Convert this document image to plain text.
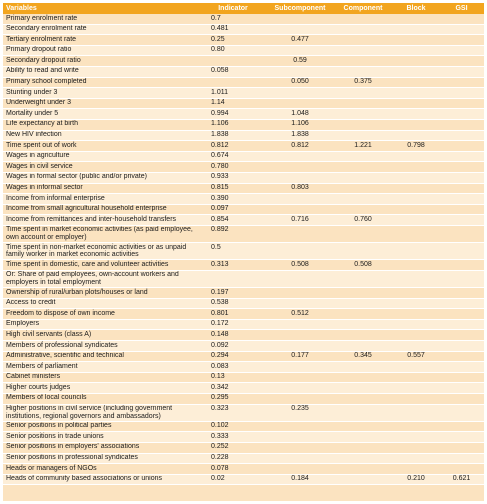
Variables	Indicator	Subcomponent	Component	Block	GSI
Primary enrolment rate	0.7				
Secondary enrolment rate	0.481				
Tertiary enrolment rate	0.25	0.477			
Primary dropout ratio	0.80				
Secondary dropout ratio		0.59			
Ability to read and write	0.058				
Primary school completed		0.050	0.375		
Stunting under 3	1.011				
Underweight under 3	1.14				
Mortality under 5	0.994	1.048			
Life expectancy at birth	1.106	1.106			
New HIV infection	1.838	1.838			
Time spent out of work	0.812	0.812	1.221	0.798	
Wages in agriculture	0.674				
Wages in civil service	0.780				
Wages in formal sector (public and/or private)	0.933				
Wages in informal sector	0.815	0.803			
Income from informal enterprise	0.390				
Income from small agricultural household enterprise	0.097				
Income from remittances and inter-household transfers	0.854	0.716	0.760		
Time spent in market economic activities (as paid employee, own account or employer)	0.892				
Time spent in non-market economic activities or as unpaid family worker in market economic activities	0.5				
Time spent in domestic, care and volunteer activities	0.313	0.508	0.508		
Or: Share of paid employees, own-account workers and employers in total employment					
Ownership of rural/urban plots/houses or land	0.197				
Access to credit	0.538				
Freedom to dispose of own income	0.801	0.512			
Employers	0.172				
High civil servants (class A)	0.148				
Members of professional syndicates	0.092				
Administrative, scientific and technical	0.294	0.177	0.345	0.557	
Members of parliament	0.083				
Cabinet ministers	0.13				
Higher courts judges	0.342				
Members of local councils	0.295				
Higher positions in civil service (including government institutions, regional governors and ambassadors)	0.323	0.235			
Senior positions in political parties	0.102				
Senior positions in trade unions	0.333				
Senior positions in employers' associations	0.252				
Senior positions in professional syndicates	0.228				
Heads or managers of NGOs	0.078				
Heads of community based associations or unions	0.02	0.184		0.210	0.621
